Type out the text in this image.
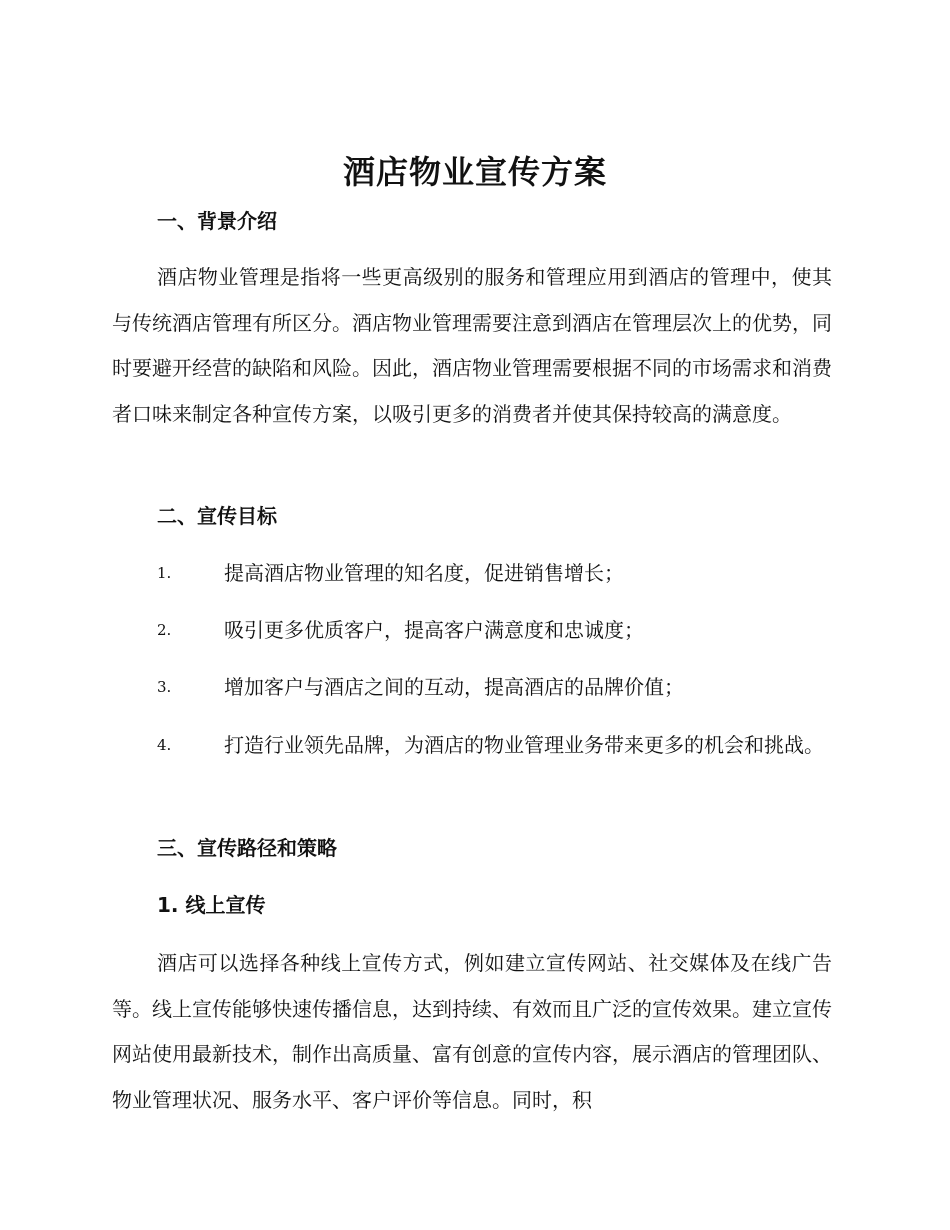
酒店物业宣传方案
一、背景介绍

酒店物业管理是指将一些更高级别的服务和管理应用到酒店的管理中，使其与传统酒店管理有所区分。酒店物业管理需要注意到酒店在管理层次上的优势，同时要避开经营的缺陷和风险。因此，酒店物业管理需要根据不同的市场需求和消费者口味来制定各种宣传方案，以吸引更多的消费者并使其保持较高的满意度。

二、宣传目标
1.	提高酒店物业管理的知名度，促进销售增长；
2.	吸引更多优质客户，提高客户满意度和忠诚度；
3.	增加客户与酒店之间的互动，提高酒店的品牌价值；
4.	打造行业领先品牌，为酒店的物业管理业务带来更多的机会和挑战。
三、宣传路径和策略
1. 线上宣传

酒店可以选择各种线上宣传方式，例如建立宣传网站、社交媒体及在线广告等。线上宣传能够快速传播信息，达到持续、有效而且广泛的宣传效果。建立宣传网站使用最新技术，制作出高质量、富有创意的宣传内容，展示酒店的管理团队、物业管理状况、服务水平、客户评价等信息。同时，积
